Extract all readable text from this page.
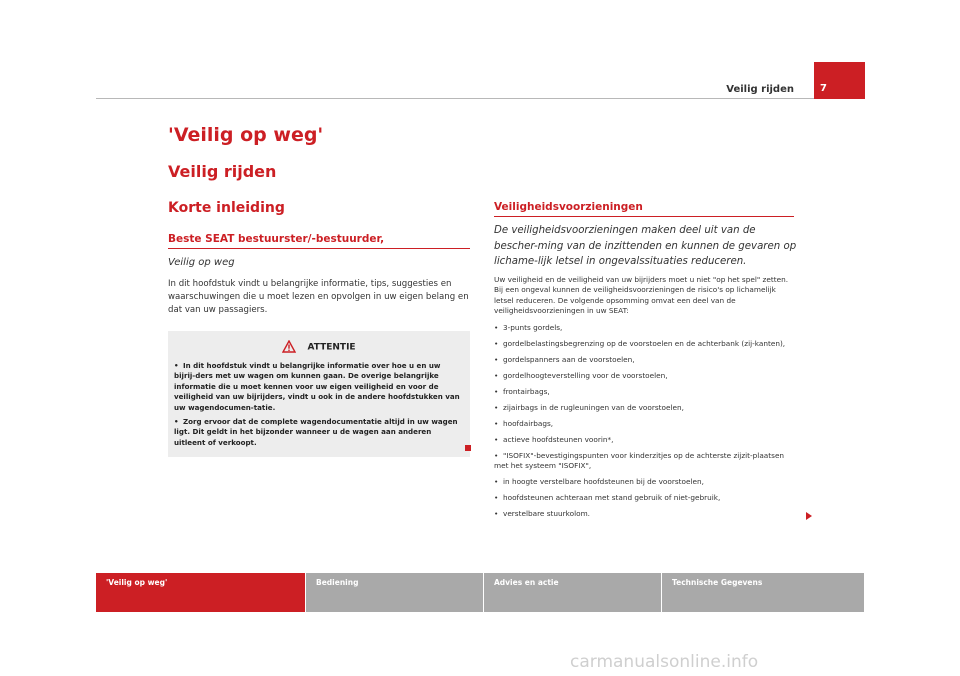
Veilig rijden	7
'Veilig op weg'
Veilig rijden
Korte inleiding
Beste SEAT bestuurster/-bestuurder,
Veilig op weg

In dit hoofdstuk vindt u belangrijke informatie, tips, suggesties en waarschuwingen die u moet lezen en opvolgen in uw eigen belang en dat van uw passagiers.

ATTENTIE
• In dit hoofdstuk vindt u belangrijke informatie over hoe u en uw bijrij-ders met uw wagen om kunnen gaan. De overige belangrijke informatie die u moet kennen voor uw eigen veiligheid en voor de veiligheid van uw bijrijders, vindt u ook in de andere hoofdstukken van uw wagendocumen-tatie.
• Zorg ervoor dat de complete wagendocumentatie altijd in uw wagen ligt. Dit geldt in het bijzonder wanneer u de wagen aan anderen uitleent of verkoopt.
Veiligheidsvoorzieningen

De veiligheidsvoorzieningen maken deel uit van de bescher-ming van de inzittenden en kunnen de gevaren op lichame-lijk letsel in ongevalssituaties reduceren.

Uw veiligheid en de veiligheid van uw bijrijders moet u niet "op het spel" zetten. Bij een ongeval kunnen de veiligheidsvoorzieningen de risico's op lichamelijk letsel reduceren. De volgende opsomming omvat een deel van de veiligheidsvoorzieningen in uw SEAT:

• 3-punts gordels,
• gordelbelastingsbegrenzing op de voorstoelen en de achterbank (zij-kanten),
• gordelspanners aan de voorstoelen,
• gordelhoogteverstelling voor de voorstoelen,
• frontairbags,
• zijairbags in de rugleuningen van de voorstoelen,
• hoofdairbags,
• actieve hoofdsteunen voorin*,
• "ISOFIX"-bevestigingspunten voor kinderzitjes op de achterste zijzit-plaatsen met het systeem "ISOFIX",
• in hoogte verstelbare hoofdsteunen bij de voorstoelen,
• hoofdsteunen achteraan met stand gebruik of niet-gebruik,
• verstelbare stuurkolom.
'Veilig op weg'	Bediening	Advies en actie	Technische Gegevens
carmanualsonline.info
